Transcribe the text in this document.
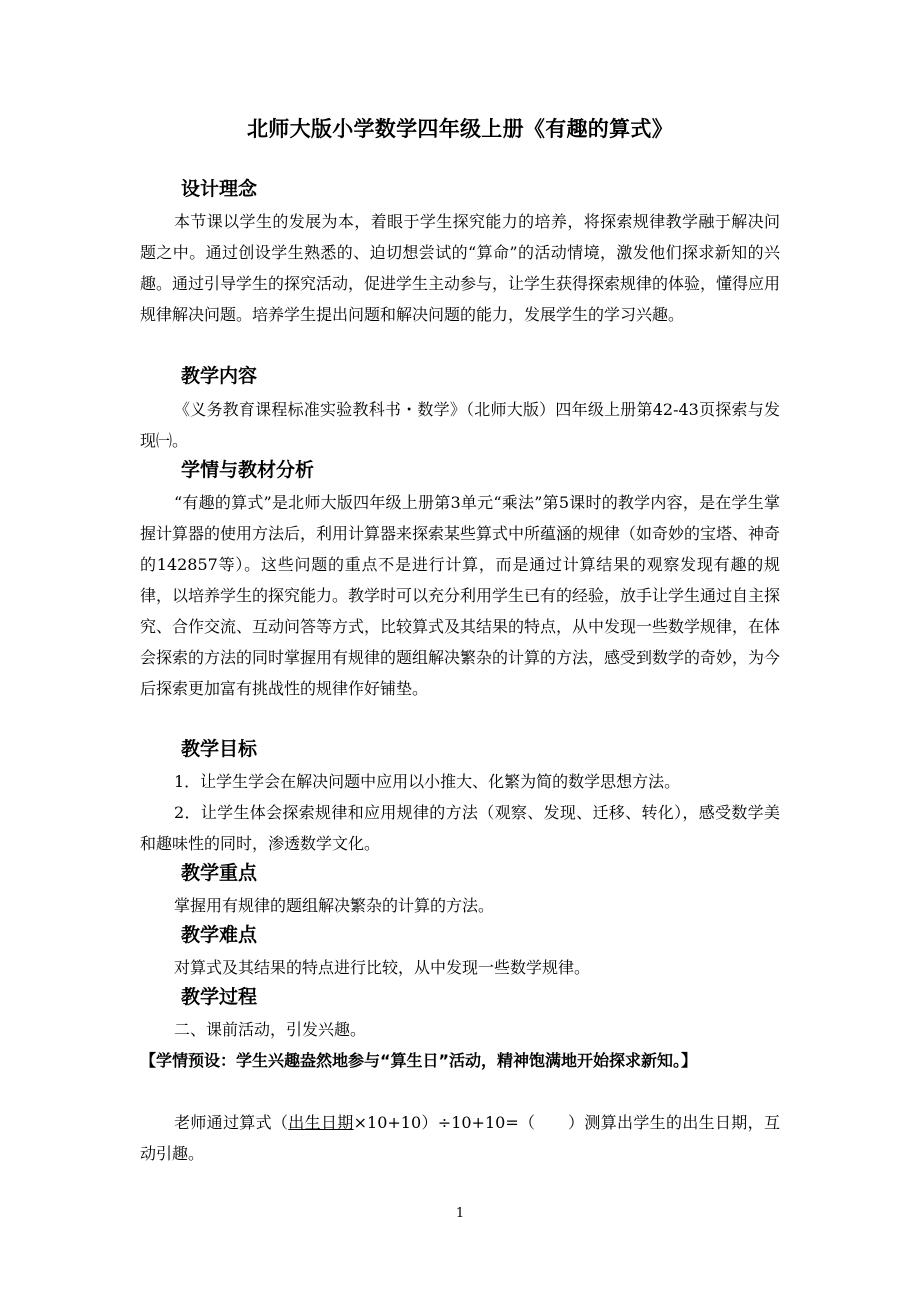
北师大版小学数学四年级上册《有趣的算式》
设计理念
本节课以学生的发展为本，着眼于学生探究能力的培养，将探索规律教学融于解决问题之中。通过创设学生熟悉的、迫切想尝试的“算命”的活动情境，激发他们探求新知的兴趣。通过引导学生的探究活动，促进学生主动参与，让学生获得探索规律的体验，懂得应用规律解决问题。培养学生提出问题和解决问题的能力，发展学生的学习兴趣。
教学内容
《义务教育课程标准实验教科书・数学》（北师大版）四年级上册第42-43页探索与发现㈠。
学情与教材分析
“有趣的算式”是北师大版四年级上册第3单元“乘法”第5课时的教学内容，是在学生掌握计算器的使用方法后，利用计算器来探索某些算式中所蕴涵的规律（如奇妙的宝塔、神奇的142857等）。这些问题的重点不是进行计算，而是通过计算结果的观察发现有趣的规律，以培养学生的探究能力。教学时可以充分利用学生已有的经验，放手让学生通过自主探究、合作交流、互动问答等方式，比较算式及其结果的特点，从中发现一些数学规律，在体会探索的方法的同时掌握用有规律的题组解决繁杂的计算的方法，感受到数学的奇妙，为今后探索更加富有挑战性的规律作好铺垫。
教学目标
1．让学生学会在解决问题中应用以小推大、化繁为简的数学思想方法。
2．让学生体会探索规律和应用规律的方法（观察、发现、迁移、转化），感受数学美和趣味性的同时，渗透数学文化。
教学重点
掌握用有规律的题组解决繁杂的计算的方法。
教学难点
对算式及其结果的特点进行比较，从中发现一些数学规律。
教学过程
二、课前活动，引发兴趣。
【学情预设：学生兴趣盎然地参与“算生日”活动，精神饱满地开始探求新知。】
老师通过算式（出生日期×10+10）÷10+10=（　　）测算出学生的出生日期，互动引趣。
1
